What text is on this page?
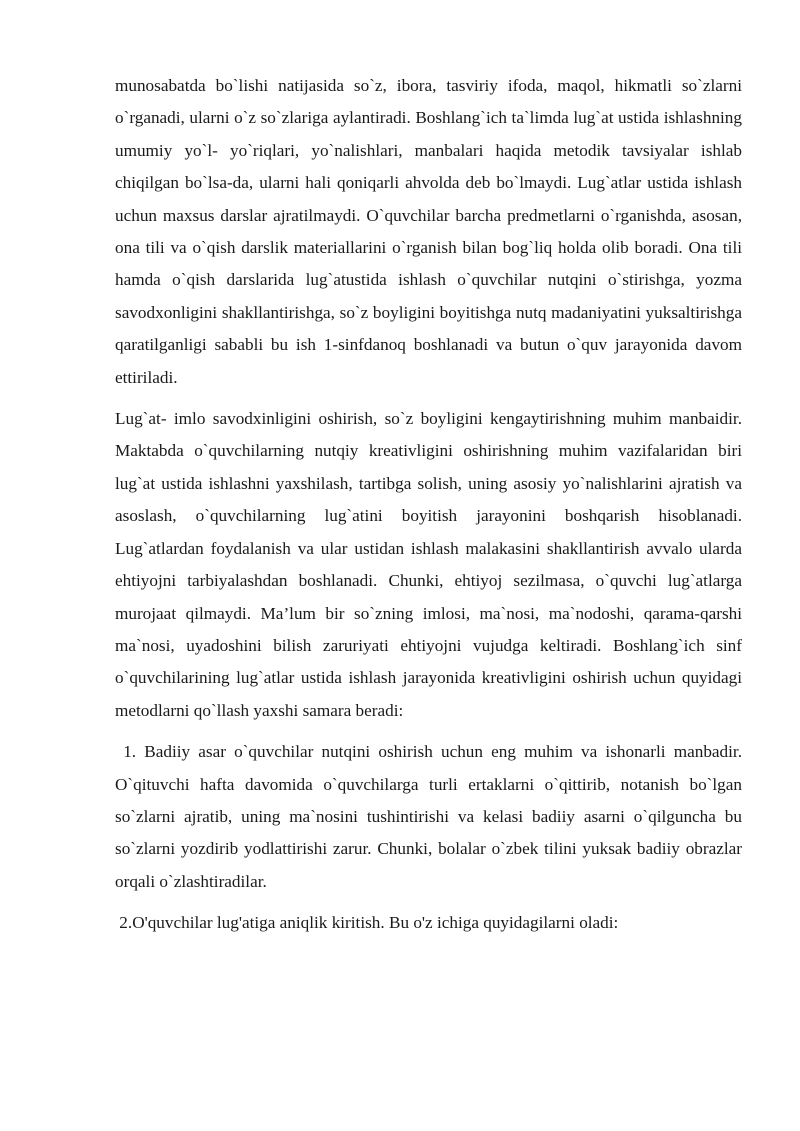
munosabatda bo`lishi natijasida so`z, ibora, tasviriy ifoda, maqol, hikmatli so`zlarni o`rganadi, ularni o`z so`zlariga aylantiradi. Boshlang`ich ta`limda lug`at ustida ishlashning umumiy yo`l- yo`riqlari, yo`nalishlari, manbalari haqida metodik tavsiyalar ishlab chiqilgan bo`lsa-da, ularni hali qoniqarli ahvolda deb bo`lmaydi. Lug`atlar ustida ishlash uchun maxsus darslar ajratilmaydi. O`quvchilar barcha predmetlarni o`rganishda, asosan, ona tili va o`qish darslik materiallarini o`rganish bilan bog`liq holda olib boradi. Ona tili hamda o`qish darslarida lug`atustida ishlash o`quvchilar nutqini o`stirishga, yozma savodxonligini shakllantirishga, so`z boyligini boyitishga nutq madaniyatini yuksaltirishga qaratilganligi sababli bu ish 1-sinfdanoq boshlanadi va butun o`quv jarayonida davom ettiriladi.

Lug`at- imlo savodxinligini oshirish, so`z boyligini kengaytirishning muhim manbaidir. Maktabda o`quvchilarning nutqiy kreativligini oshirishning muhim vazifalaridan biri lug`at ustida ishlashni yaxshilash, tartibga solish, uning asosiy yo`nalishlarini ajratish va asoslash, o`quvchilarning lug`atini boyitish jarayonini boshqarish hisoblanadi. Lug`atlardan foydalanish va ular ustidan ishlash malakasini shakllantirish avvalo ularda ehtiyojni tarbiyalashdan boshlanadi. Chunki, ehtiyoj sezilmasa, o`quvchi lug`atlarga murojaat qilmaydi. Ma’lum bir so`zning imlosi, ma`nosi, ma`nodoshi, qarama-qarshi ma`nosi, uyadoshini bilish zaruriyati ehtiyojni vujudga keltiradi. Boshlang`ich sinf o`quvchilarining lug`atlar ustida ishlash jarayonida kreativligini oshirish uchun quyidagi metodlarni qo`llash yaxshi samara beradi:

1. Badiiy asar o`quvchilar nutqini oshirish uchun eng muhim va ishonarli manbadir. O`qituvchi hafta davomida o`quvchilarga turli ertaklarni o`qittirib, notanish bo`lgan so`zlarni ajratib, uning ma`nosini tushintirishi va kelasi badiiy asarni o`qilguncha bu so`zlarni yozdirib yodlattirishi zarur. Chunki, bolalar o`zbek tilini yuksak badiiy obrazlar orqali o`zlashtiradilar.

2.O'quvchilar lug'atiga aniqlik kiritish. Bu o'z ichiga quyidagilarni oladi:
